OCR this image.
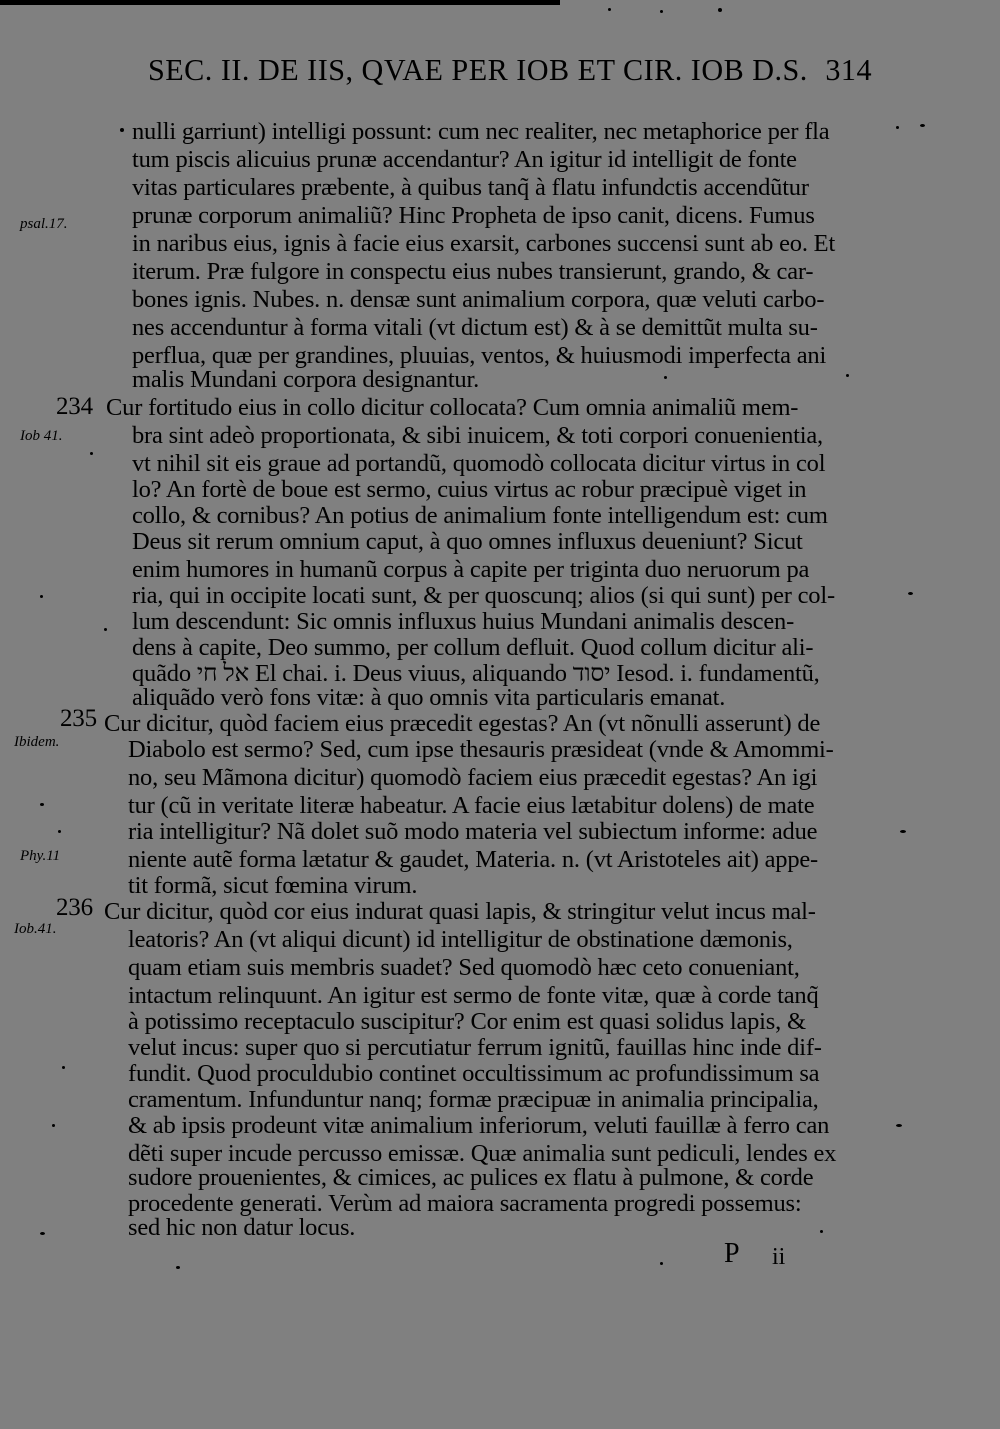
SEC. II. DE IIS, QVAE PER IOB ET CIR. IOB D.S. 314
psal.17.
Iob 41.
Ibidem.
Phy.11
Iob.41.
234
235
236
nulli garriunt) intelligi possunt: cum nec realiter, nec metaphorice per fla
tum piscis alicuius prunæ accendantur? An igitur id intelligit de fonte
vitas particulares præbente, à quibus tanq̃ à flatu infundctis accendũtur
prunæ corporum animaliũ? Hinc Propheta de ipso canit, dicens. Fumus
in naribus eius, ignis à facie eius exarsit, carbones succensi sunt ab eo. Et
iterum. Præ fulgore in conspectu eius nubes transierunt, grando, & car-
bones ignis. Nubes. n. densæ sunt animalium corpora, quæ veluti carbo-
nes accenduntur à forma vitali (vt dictum est) & à se demittũt multa su-
perflua, quæ per grandines, pluuias, ventos, & huiusmodi imperfecta ani
malis Mundani corpora designantur.
Cur fortitudo eius in collo dicitur collocata? Cum omnia animaliũ mem-
bra sint adeò proportionata, & sibi inuicem, & toti corpori conuenientia,
vt nihil sit eis graue ad portandũ, quomodò collocata dicitur virtus in col
lo? An fortè de boue est sermo, cuius virtus ac robur præcipuè viget in
collo, & cornibus? An potius de animalium fonte intelligendum est: cum
Deus sit rerum omnium caput, à quo omnes influxus deueniunt? Sicut
enim humores in humanũ corpus à capite per triginta duo neruorum pa
ria, qui in occipite locati sunt, & per quoscunq; alios (si qui sunt) per col-
lum descendunt: Sic omnis influxus huius Mundani animalis descen-
dens à capite, Deo summo, per collum defluit. Quod collum dicitur ali-
quãdo אל חי El chai. i. Deus viuus, aliquando יסוד Iesod. i. fundamentũ,
aliquãdo verò fons vitæ: à quo omnis vita particularis emanat.
Cur dicitur, quòd faciem eius præcedit egestas? An (vt nõnulli asserunt) de
Diabolo est sermo? Sed, cum ipse thesauris præsideat (vnde & Amommi-
no, seu Mãmona dicitur) quomodò faciem eius præcedit egestas? An igi
tur (cũ in veritate literæ habeatur. A facie eius lætabitur dolens) de mate
ria intelligitur? Nã dolet suõ modo materia vel subiectum informe: adue
niente autẽ forma lætatur & gaudet, Materia. n. (vt Aristoteles ait) appe-
tit formã, sicut fœmina virum.
Cur dicitur, quòd cor eius indurat quasi lapis, & stringitur velut incus mal-
leatoris? An (vt aliqui dicunt) id intelligitur de obstinatione dæmonis,
quam etiam suis membris suadet? Sed quomodò hæc ceto conueniant,
intactum relinquunt. An igitur est sermo de fonte vitæ, quæ à corde tanq̃
à potissimo receptaculo suscipitur? Cor enim est quasi solidus lapis, &
velut incus: super quo si percutiatur ferrum ignitũ, fauillas hinc inde dif-
fundit. Quod proculdubio continet occultissimum ac profundissimum sa
cramentum. Infunduntur nanq; formæ præcipuæ in animalia principalia,
& ab ipsis prodeunt vitæ animalium inferiorum, veluti fauillæ à ferro can
dẽti super incude percusso emissæ. Quæ animalia sunt pediculi, lendes ex
sudore prouenientes, & cimices, ac pulices ex flatu à pulmone, & corde
procedente generati. Verùm ad maiora sacramenta progredi possemus:
sed hic non datur locus.
P ii
